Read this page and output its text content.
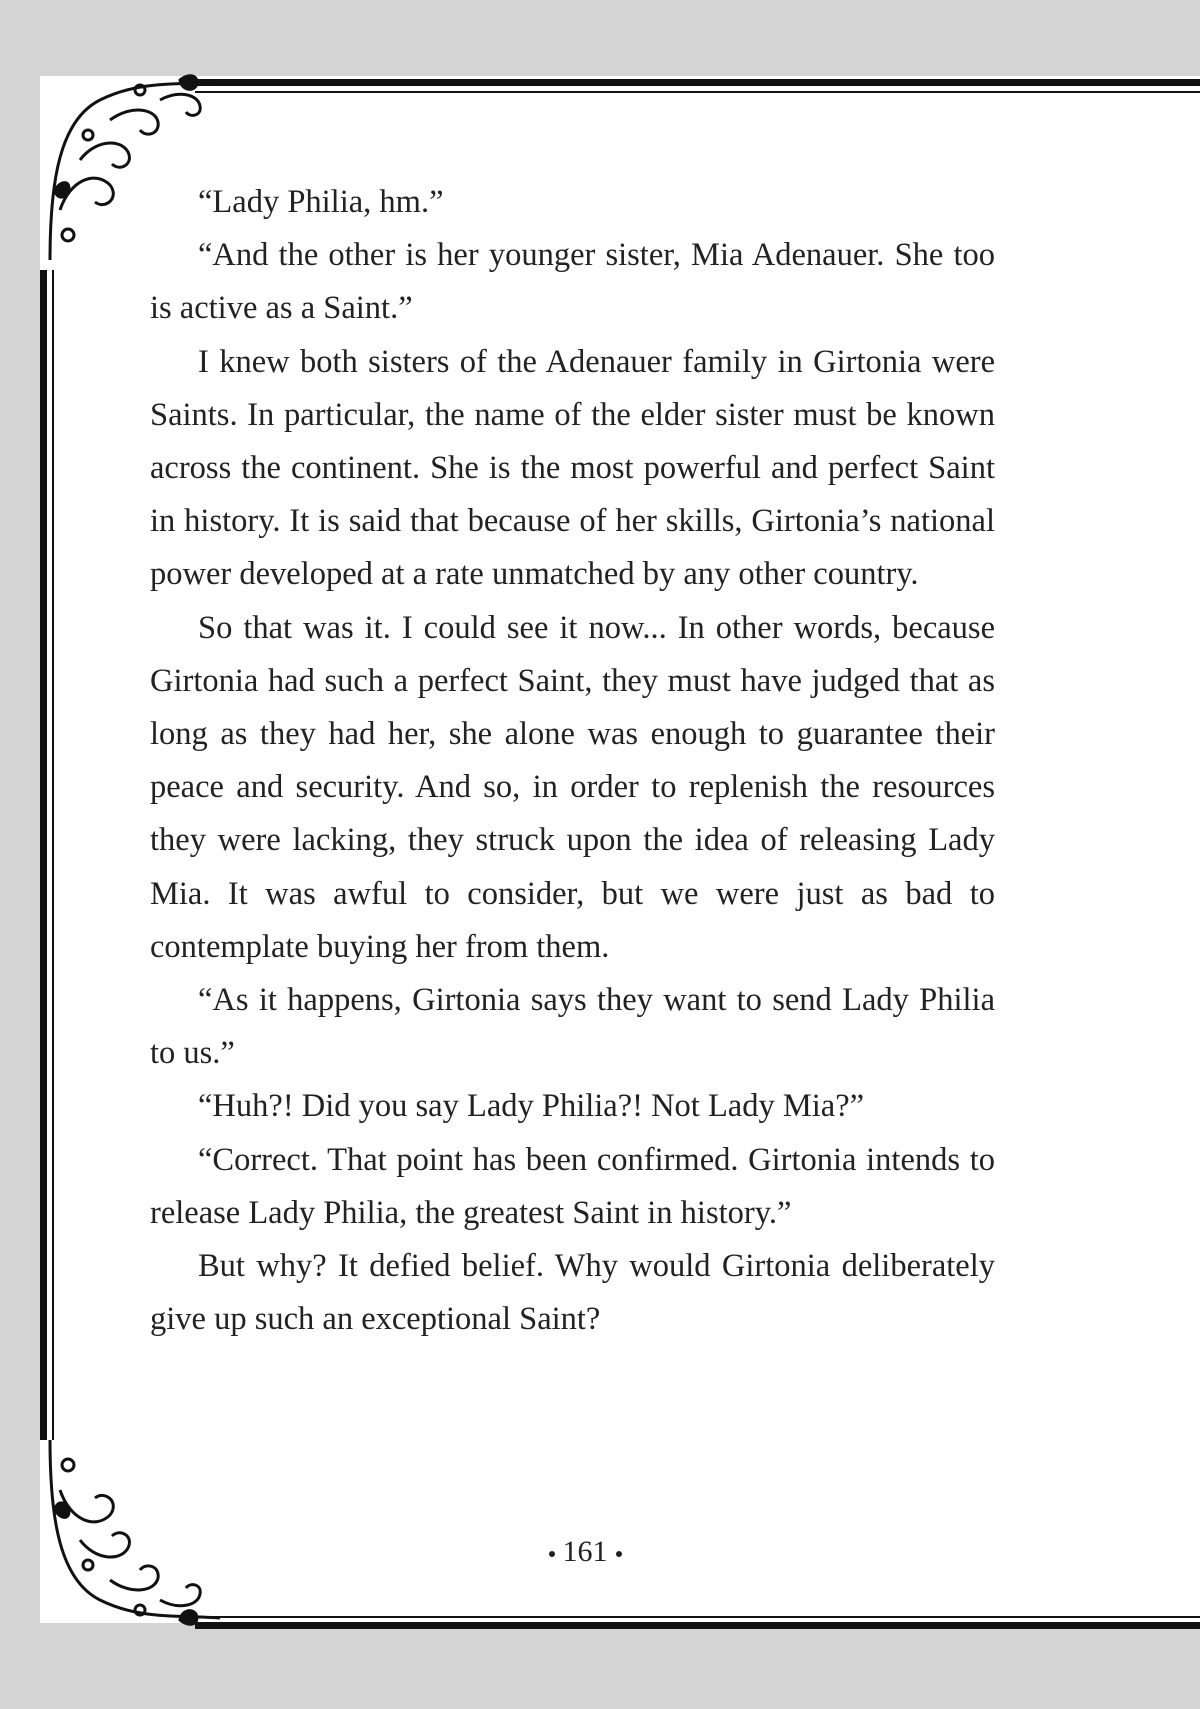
“Lady Philia, hm.”

“And the other is her younger sister, Mia Adenauer. She too is active as a Saint.”

I knew both sisters of the Adenauer family in Girtonia were Saints. In particular, the name of the elder sister must be known across the continent. She is the most powerful and perfect Saint in history. It is said that because of her skills, Girtonia’s national power developed at a rate unmatched by any other country.

So that was it. I could see it now... In other words, because Girtonia had such a perfect Saint, they must have judged that as long as they had her, she alone was enough to guarantee their peace and security. And so, in order to replenish the resources they were lacking, they struck upon the idea of releasing Lady Mia. It was awful to consider, but we were just as bad to contemplate buying her from them.

“As it happens, Girtonia says they want to send Lady Philia to us.”

“Huh?! Did you say Lady Philia?! Not Lady Mia?”

“Correct. That point has been confirmed. Girtonia intends to release Lady Philia, the greatest Saint in history.”

But why? It defied belief. Why would Girtonia deliberately give up such an exceptional Saint?

161
